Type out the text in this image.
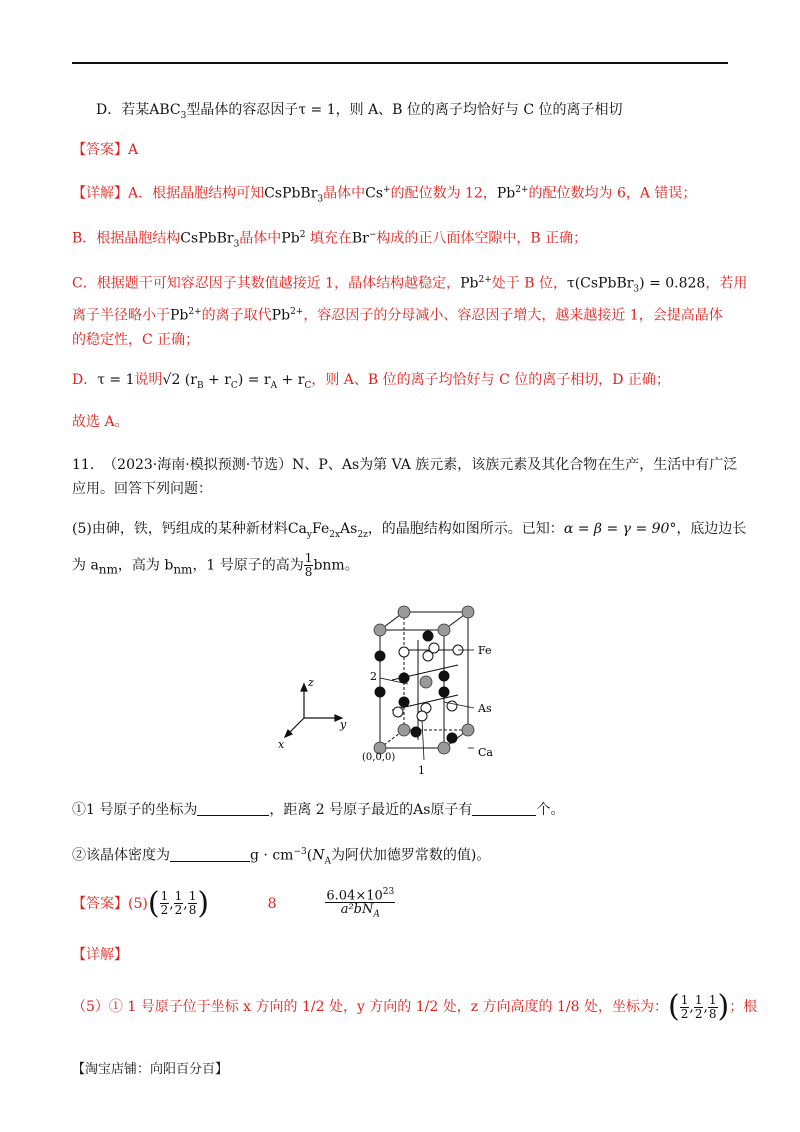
D．若某$ABC_3$型晶体的容忍因子τ = 1，则 A、B 位的离子均恰好与 C 位的离子相切
【答案】A
【详解】A．根据晶胞结构可知CsPbBr$_3$晶体中Cs+的配位数为 12，$Pb^{2+}$的配位数均为 6，A 错误；
B．根据晶胞结构CsPbBr$_3$晶体中Pb$^2$ 填充在Br−构成的正八面体空隙中，B 正确；
C．根据题干可知容忍因子其数值越接近 1，晶体结构越稳定，$Pb^{2+}$处于 B 位，τ(CsPbBr$_3$) = 0.828，若用
离子半径略小于$Pb^{2+}$的离子取代$Pb^{2+}$，容忍因子的分母减小、容忍因子增大，越来越接近 1，会提高晶体
的稳定性，C 正确；
D．τ = 1说明√2 $(r_B + r_C) = r_A + r_C$，则 A、B 位的离子均恰好与 C 位的离子相切，D 正确；
故选 A。
11. （2023·海南·模拟预测·节选）N、P、As为第 VA 族元素，该族元素及其化合物在生产，生活中有广泛
应用。回答下列问题：
(5)由砷，铁，钙组成的某种新材料$Ca_yFe_{2x}As_{2z}$，的晶胞结构如图所示。已知：α = β = γ = 90°，底边边长
为 $a_{nm}$，高为 $b_{nm}$，1 号原子的高为 $\frac{1}{8}$ bnm。
z
y
x
Fe
As
Ca
2
1
(0,0,0)
①1 号原子的坐标为	，距离 2 号原子最近的As原子有	个。
②该晶体密度为	$g \cdot cm^{-3}(N_A$为阿伏加德罗常数的值)。
【答案】$(5)( \frac{1}{2}$ , $\frac{1}{2}$ , $\frac{1}{8}$ )	8	$\frac{6.04\times 10^{23}}{a^2bN_A}$
【详解】
（5）① 1 号原子位于坐标 x 方向的 1/2 处，y 方向的 1/2 处，z 方向高度的 1/8 处，坐标为：( $\frac{1}{2}$ , $\frac{1}{2}$ , $\frac{1}{8}$ )；根
【淘宝店铺：向阳百分百】
